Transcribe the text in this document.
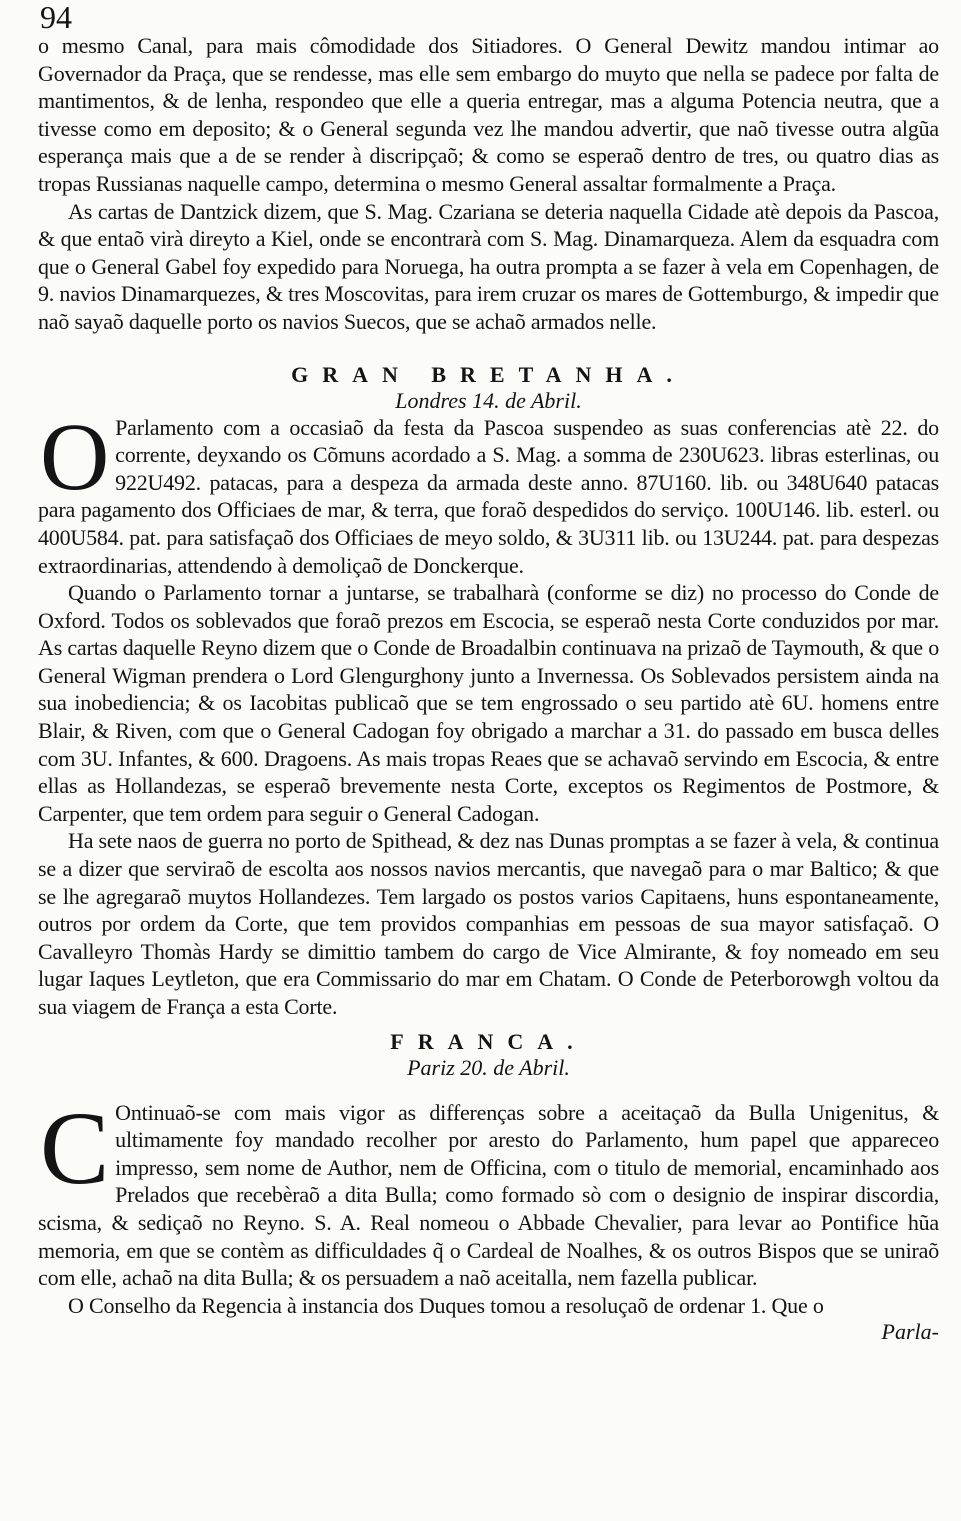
94

o mesmo Canal, para mais cômodidade dos Sitiadores. O General Dewitz mandou intimar ao Governador da Praça, que se rendesse, mas elle sem embargo do muyto que nella se padece por falta de mantimentos, & de lenha, respondeo que elle a queria entregar, mas a alguma Potencia neutra, que a tivesse como em deposito; & o General segunda vez lhe mandou advertir, que naõ tivesse outra algũa esperança mais que a de se render à discripçaõ; & como se esperaõ dentro de tres, ou quatro dias as tropas Russianas naquelle campo, determina o mesmo General assaltar formalmente a Praça.

As cartas de Dantzick dizem, que S. Mag. Czariana se deteria naquella Cidade atè depois da Pascoa, & que entaõ virà direyto a Kiel, onde se encontrarà com S. Mag. Dinamarqueza. Alem da esquadra com que o General Gabel foy expedido para Noruega, ha outra prompta a se fazer à vela em Copenhagen, de 9. navios Dinamarquezes, & tres Moscovitas, para irem cruzar os mares de Gottemburgo, & impedir que naõ sayaõ daquelle porto os navios Suecos, que se achaõ armados nelle.

GRAN BRETANHA.

Londres 14. de Abril.

O Parlamento com a occasiaõ da festa da Pascoa suspendeo as suas conferencias atè 22. do corrente, deyxando os Cõmuns acordado a S. Mag. a somma de 230U623. libras esterlinas, ou 922U492. patacas, para a despeza da armada deste anno. 87U160. lib. ou 348U640 patacas para pagamento dos Officiaes de mar, & terra, que foraõ despedidos do serviço. 100U146. lib. esterl. ou 400U584. pat. para satisfaçaõ dos Officiaes de meyo soldo, & 3U311 lib. ou 13U244. pat. para despezas extraordinarias, attendendo à demoliçaõ de Donckerque.

Quando o Parlamento tornar a juntarse, se trabalharà (conforme se diz) no processo do Conde de Oxford. Todos os soblevados que foraõ prezos em Escocia, se esperaõ nesta Corte conduzidos por mar. As cartas daquelle Reyno dizem que o Conde de Broadalbin continuava na prizaõ de Taymouth, & que o General Wigman prendera o Lord Glengurghony junto a Invernessa. Os Soblevados persistem ainda na sua inobediencia; & os Iacobitas publicaõ que se tem engrossado o seu partido atè 6U. homens entre Blair, & Riven, com que o General Cadogan foy obrigado a marchar a 31. do passado em busca delles com 3U. Infantes, & 600. Dragoens. As mais tropas Reaes que se achavaõ servindo em Escocia, & entre ellas as Hollandezas, se esperaõ brevemente nesta Corte, exceptos os Regimentos de Postmore, & Carpenter, que tem ordem para seguir o General Cadogan.

Ha sete naos de guerra no porto de Spithead, & dez nas Dunas promptas a se fazer à vela, & continua se a dizer que serviraõ de escolta aos nossos navios mercantis, que navegaõ para o mar Baltico; & que se lhe agregaraõ muytos Hollandezes. Tem largado os postos varios Capitaens, huns espontaneamente, outros por ordem da Corte, que tem providos companhias em pessoas de sua mayor satisfaçaõ. O Cavalleyro Thomàs Hardy se dimittio tambem do cargo de Vice Almirante, & foy nomeado em seu lugar Iaques Leytleton, que era Commissario do mar em Chatam. O Conde de Peterborowgh voltou da sua viagem de França a esta Corte.

FRANCA.

Pariz 20. de Abril.

C Ontinuaõ-se com mais vigor as differenças sobre a aceitaçaõ da Bulla Unigenitus, & ultimamente foy mandado recolher por aresto do Parlamento, hum papel que appareceo impresso, sem nome de Author, nem de Officina, com o titulo de memorial, encaminhado aos Prelados que recebèraõ a dita Bulla; como formado sò com o designio de inspirar discordia, scisma, & sediçaõ no Reyno. S. A. Real nomeou o Abbade Chevalier, para levar ao Pontifice hũa memoria, em que se contèm as difficuldades q̃ o Cardeal de Noalhes, & os outros Bispos que se uniraõ com elle, achaõ na dita Bulla; & os persuadem a naõ aceitalla, nem fazella publicar.

O Conselho da Regencia à instancia dos Duques tomou a resoluçaõ de ordenar 1. Que o

Parla-
